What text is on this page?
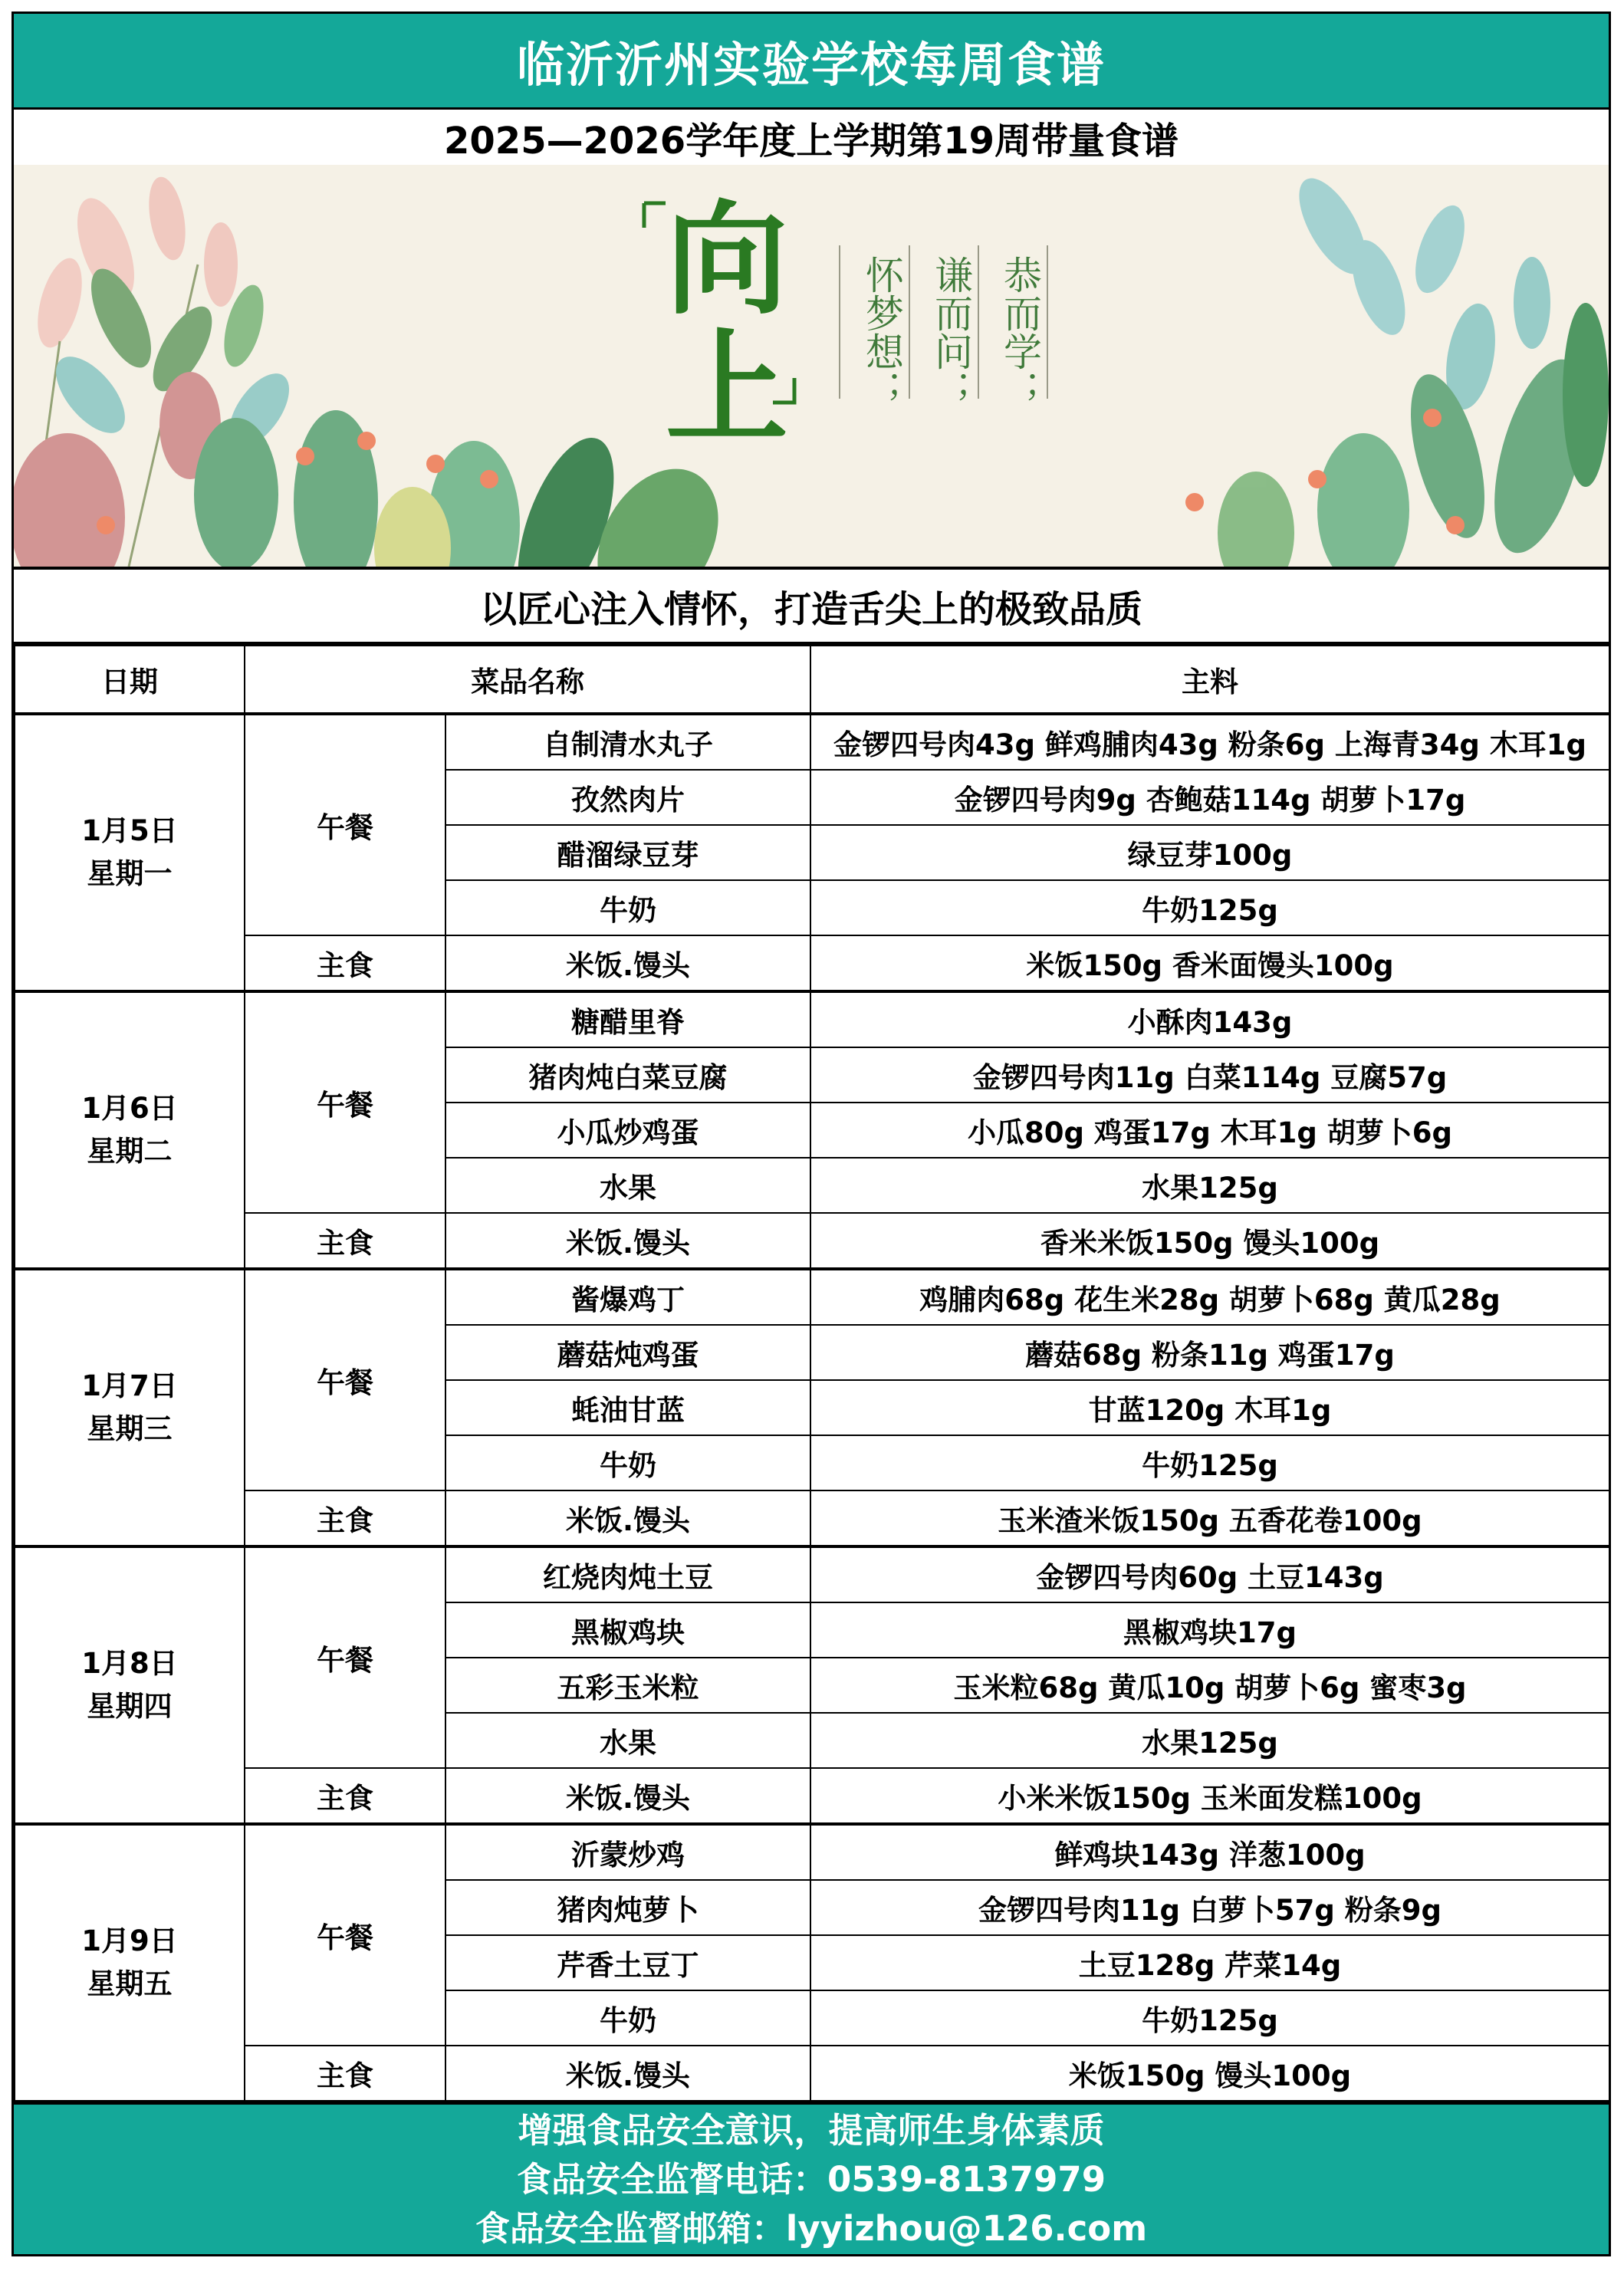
临沂沂州实验学校每周食谱
2025—2026学年度上学期第19周带量食谱
向
上
恭而学；
谦而问；
怀梦想；
以匠心注入情怀，打造舌尖上的极致品质
日期	菜品名称		主料

1月5日
星期一	午餐	自制清水丸子	金锣四号肉43g 鲜鸡脯肉43g 粉条6g 上海青34g 木耳1g
		孜然肉片	金锣四号肉9g 杏鲍菇114g 胡萝卜17g
		醋溜绿豆芽	绿豆芽100g
		牛奶	牛奶125g
	主食	米饭.馒头	米饭150g 香米面馒头100g

1月6日
星期二	午餐	糖醋里脊	小酥肉143g
		猪肉炖白菜豆腐	金锣四号肉11g 白菜114g 豆腐57g
		小瓜炒鸡蛋	小瓜80g 鸡蛋17g 木耳1g 胡萝卜6g
		水果	水果125g
	主食	米饭.馒头	香米米饭150g 馒头100g

1月7日
星期三	午餐	酱爆鸡丁	鸡脯肉68g 花生米28g 胡萝卜68g 黄瓜28g
		蘑菇炖鸡蛋	蘑菇68g 粉条11g 鸡蛋17g
		蚝油甘蓝	甘蓝120g 木耳1g
		牛奶	牛奶125g
	主食	米饭.馒头	玉米渣米饭150g 五香花卷100g

1月8日
星期四	午餐	红烧肉炖土豆	金锣四号肉60g 土豆143g
		黑椒鸡块	黑椒鸡块17g
		五彩玉米粒	玉米粒68g 黄瓜10g 胡萝卜6g 蜜枣3g
		水果	水果125g
	主食	米饭.馒头	小米米饭150g 玉米面发糕100g

1月9日
星期五	午餐	沂蒙炒鸡	鲜鸡块143g 洋葱100g
		猪肉炖萝卜	金锣四号肉11g 白萝卜57g 粉条9g
		芹香土豆丁	土豆128g 芹菜14g
		牛奶	牛奶125g
	主食	米饭.馒头	米饭150g 馒头100g
增强食品安全意识，提高师生身体素质
食品安全监督电话：0539-8137979
食品安全监督邮箱：lyyizhou@126.com
